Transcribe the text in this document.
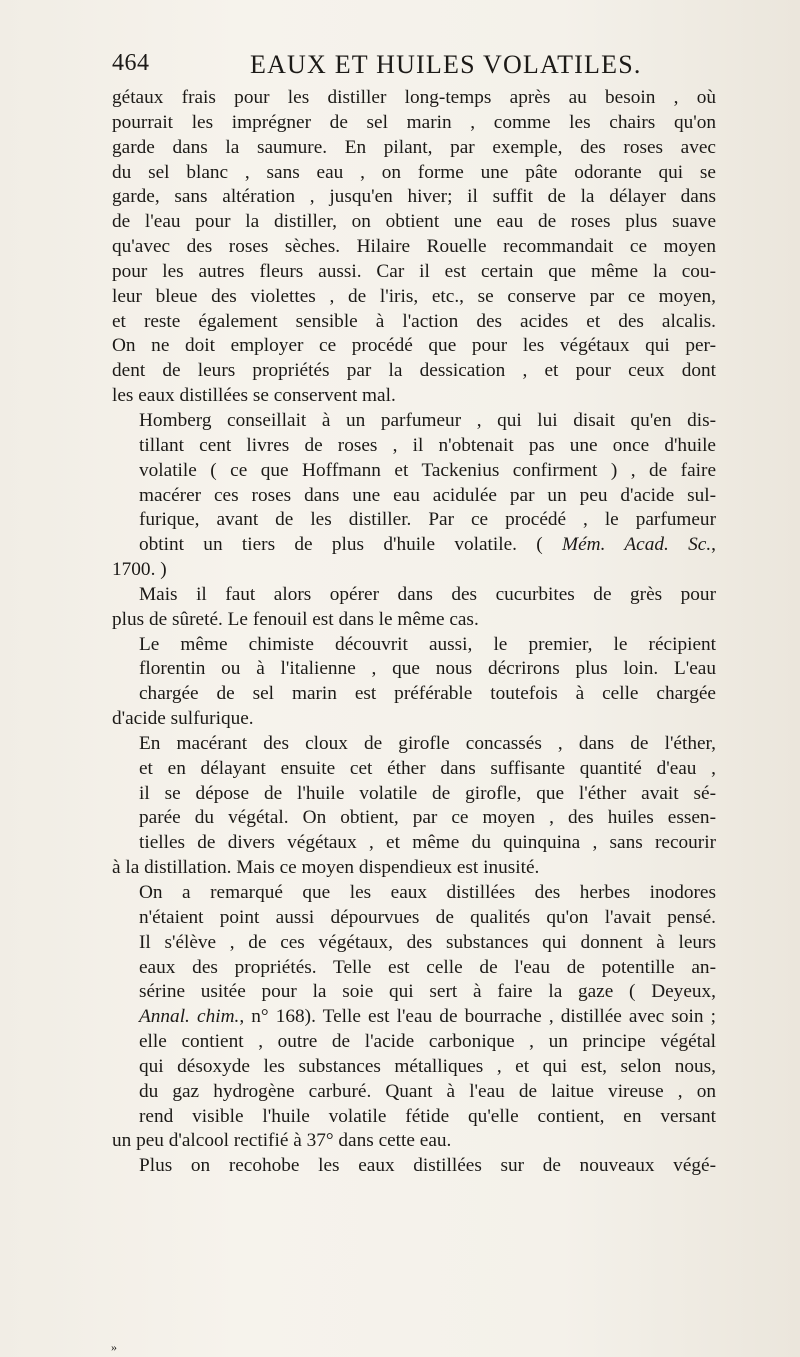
464	EAUX ET HUILES VOLATILES.

gétaux frais pour les distiller long-temps après au besoin , où
pourrait les imprégner de sel marin , comme les chairs qu'on
garde dans la saumure. En pilant, par exemple, des roses avec
du sel blanc , sans eau , on forme une pâte odorante qui se
garde, sans altération , jusqu'en hiver; il suffit de la délayer dans
de l'eau pour la distiller, on obtient une eau de roses plus suave
qu'avec des roses sèches. Hilaire Rouelle recommandait ce moyen
pour les autres fleurs aussi. Car il est certain que même la cou-
leur bleue des violettes , de l'iris, etc., se conserve par ce moyen,
et reste également sensible à l'action des acides et des alcalis.
On ne doit employer ce procédé que pour les végétaux qui per-
dent de leurs propriétés par la dessication , et pour ceux dont

les eaux distillées se conservent mal.

Homberg conseillait à un parfumeur , qui lui disait qu'en dis-
tillant cent livres de roses , il n'obtenait pas une once d'huile
volatile ( ce que Hoffmann et Tackenius confirment ) , de faire
macérer ces roses dans une eau acidulée par un peu d'acide sul-
furique, avant de les distiller. Par ce procédé , le parfumeur
obtint un tiers de plus d'huile volatile. ( Mém. Acad. Sc.,

1700. )

Mais il faut alors opérer dans des cucurbites de grès pour

plus de sûreté. Le fenouil est dans le même cas.

Le même chimiste découvrit aussi, le premier, le récipient
florentin ou à l'italienne , que nous décrirons plus loin. L'eau
chargée de sel marin est préférable toutefois à celle chargée

d'acide sulfurique.

En macérant des cloux de girofle concassés , dans de l'éther,
et en délayant ensuite cet éther dans suffisante quantité d'eau ,
il se dépose de l'huile volatile de girofle, que l'éther avait sé-
parée du végétal. On obtient, par ce moyen , des huiles essen-
tielles de divers végétaux , et même du quinquina , sans recourir

à la distillation. Mais ce moyen dispendieux est inusité.

On a remarqué que les eaux distillées des herbes inodores
n'étaient point aussi dépourvues de qualités qu'on l'avait pensé.
Il s'élève , de ces végétaux, des substances qui donnent à leurs
eaux des propriétés. Telle est celle de l'eau de potentille an-
sérine usitée pour la soie qui sert à faire la gaze ( Deyeux,
Annal. chim., n° 168). Telle est l'eau de bourrache , distillée avec soin ;
elle contient , outre de l'acide carbonique , un principe végétal
qui désoxyde les substances métalliques , et qui est, selon nous,
du gaz hydrogène carburé. Quant à l'eau de laitue vireuse , on
rend visible l'huile volatile fétide qu'elle contient, en versant

un peu d'alcool rectifié à 37° dans cette eau.

Plus on recohobe les eaux distillées sur de nouveaux végé-

»
